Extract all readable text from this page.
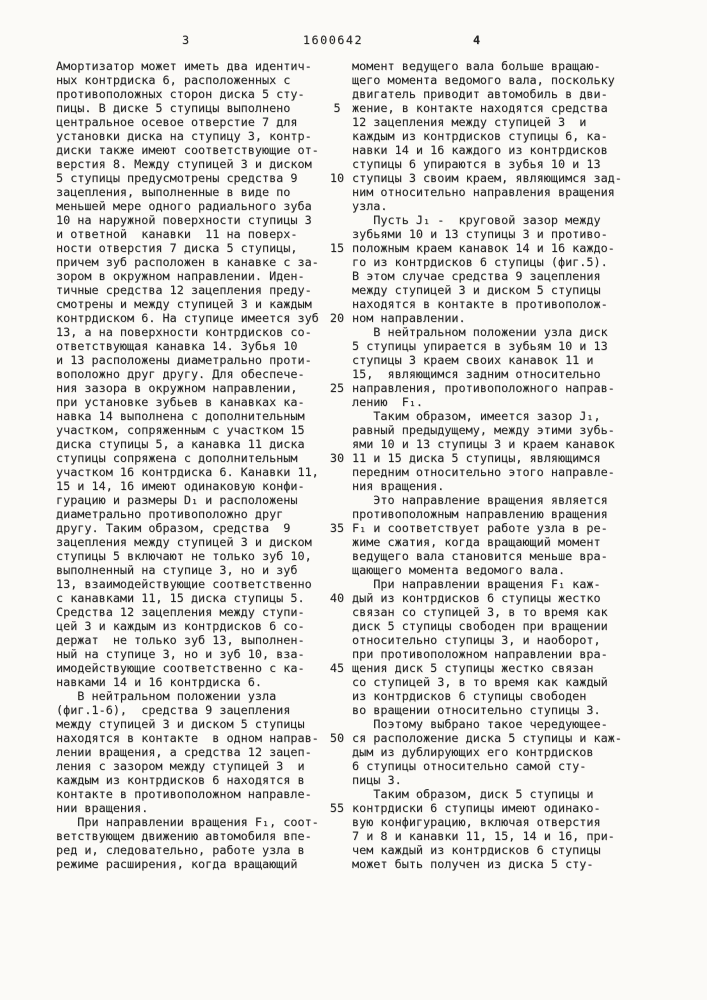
3	1600642	4
Амортизатор может иметь два идентич-
ных контрдиска 6, расположенных с
противоположных сторон диска 5 сту-
пицы. В диске 5 ступицы выполнено
центральное осевое отверстие 7 для
установки диска на ступицу 3, контр-
диски также имеют соответствующие от-
верстия 8. Между ступицей 3 и диском
5 ступицы предусмотрены средства 9
зацепления, выполненные в виде по
меньшей мере одного радиального зуба
10 на наружной поверхности ступицы 3
и ответной  канавки  11 на поверх-
ности отверстия 7 диска 5 ступицы,
причем зуб расположен в канавке с за-
зором в окружном направлении. Иден-
тичные средства 12 зацепления преду-
смотрены и между ступицей 3 и каждым
контрдиском 6. На ступице имеется зуб
13, а на поверхности контрдисков со-
ответствующая канавка 14. Зубья 10
и 13 расположены диаметрально проти-
воположно друг другу. Для обеспече-
ния зазора в окружном направлении,
при установке зубьев в канавках ка-
навка 14 выполнена с дополнительным
участком, сопряженным с участком 15
диска ступицы 5, а канавка 11 диска
ступицы сопряжена с дополнительным
участком 16 контрдиска 6. Канавки 11,
15 и 14, 16 имеют одинаковую конфи-
гурацию и размеры D₁ и расположены
диаметрально противоположно друг
другу. Таким образом, средства  9
зацепления между ступицей 3 и диском
ступицы 5 включают не только зуб 10,
выполненный на ступице 3, но и зуб
13, взаимодействующие соответственно
с канавками 11, 15 диска ступицы 5.
Средства 12 зацепления между ступи-
цей 3 и каждым из контрдисков 6 со-
держат  не только зуб 13, выполнен-
ный на ступице 3, но и зуб 10, вза-
имодействующие соответственно с ка-
навками 14 и 16 контрдиска 6.
В нейтральном положении узла
(фиг.1-6),  средства 9 зацепления
между ступицей 3 и диском 5 ступицы
находятся в контакте  в одном направ-
лении вращения, а средства 12 зацеп-
ления с зазором между ступицей 3  и
каждым из контрдисков 6 находятся в
контакте в противоположном направле-
нии вращения.
При направлении вращения F₁, соот-
ветствующем движению автомобиля впе-
ред и, следовательно, работе узла в
режиме расширения, когда вращающий
5
10
15
20
25
30
35
40
45
50
55
момент ведущего вала больше вращаю-
щего момента ведомого вала, поскольку
двигатель приводит автомобиль в дви-
жение, в контакте находятся средства
12 зацепления между ступицей 3  и
каждым из контрдисков ступицы 6, ка-
навки 14 и 16 каждого из контрдисков
ступицы 6 упираются в зубья 10 и 13
ступицы 3 своим краем, являющимся зад-
ним относительно направления вращения
узла.
Пусть J₁ -  круговой зазор между
зубьями 10 и 13 ступицы 3 и противо-
положным краем канавок 14 и 16 каждо-
го из контрдисков 6 ступицы (фиг.5).
В этом случае средства 9 зацепления
между ступицей 3 и диском 5 ступицы
находятся в контакте в противополож-
ном направлении.
В нейтральном положении узла диск
5 ступицы упирается в зубьям 10 и 13
ступицы 3 краем своих канавок 11 и
15,  являющимся задним относительно
направления, противоположного направ-
лению  F₁.
Таким образом, имеется зазор J₁,
равный предыдущему, между этими зубь-
ями 10 и 13 ступицы 3 и краем канавок
11 и 15 диска 5 ступицы, являющимся
передним относительно этого направле-
ния вращения.
Это направление вращения является
противоположным направлению вращения
F₁ и соответствует работе узла в ре-
жиме сжатия, когда вращающий момент
ведущего вала становится меньше вра-
щающего момента ведомого вала.
При направлении вращения F₁ каж-
дый из контрдисков 6 ступицы жестко
связан со ступицей 3, в то время как
диск 5 ступицы свободен при вращении
относительно ступицы 3, и наоборот,
при противоположном направлении вра-
щения диск 5 ступицы жестко связан
со ступицей 3, в то время как каждый
из контрдисков 6 ступицы свободен
во вращении относительно ступицы 3.
Поэтому выбрано такое чередующее-
ся расположение диска 5 ступицы и каж-
дым из дублирующих его контрдисков
6 ступицы относительно самой сту-
пицы 3.
Таким образом, диск 5 ступицы и
контрдиски 6 ступицы имеют одинако-
вую конфигурацию, включая отверстия
7 и 8 и канавки 11, 15, 14 и 16, при-
чем каждый из контрдисков 6 ступицы
может быть получен из диска 5 сту-
